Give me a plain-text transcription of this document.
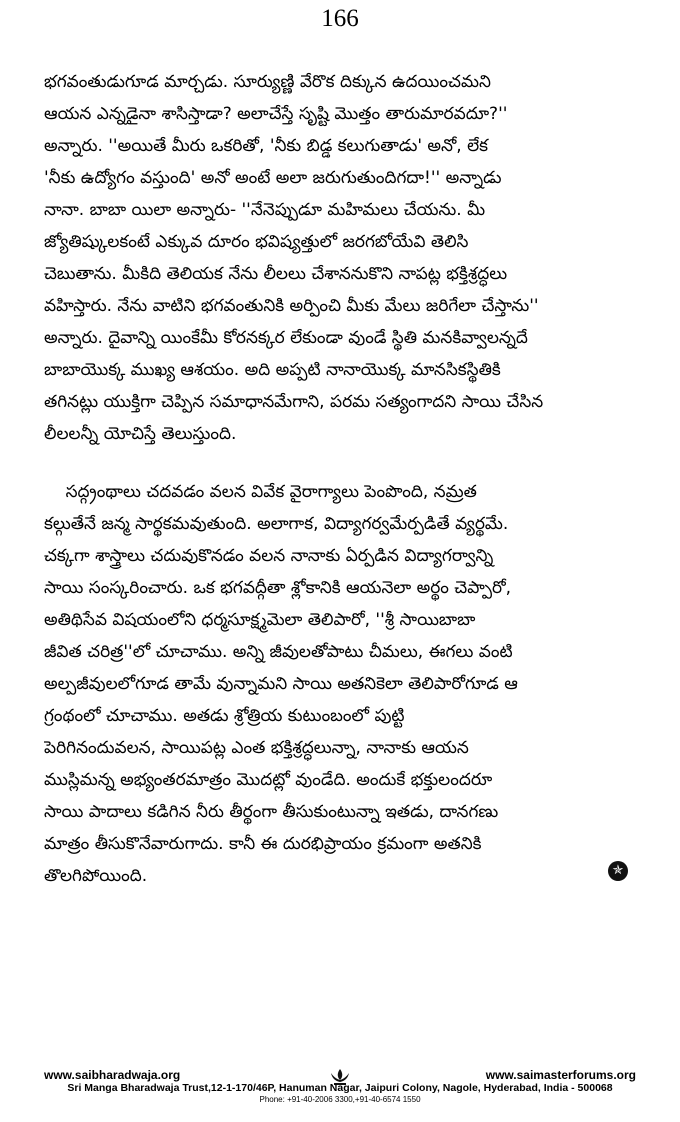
166
భగవంతుడుగూడ మార్చడు. సూర్యుణ్ణి వేరొక దిక్కున ఉదయించమని
ఆయన ఎన్నడైనా శాసిస్తాడా? అలాచేస్తే సృష్టి మొత్తం తారుమారవదూ?''
అన్నారు. ''అయితే మీరు ఒకరితో, 'నీకు బిడ్డ కలుగుతాడు' అనో, లేక
'నీకు ఉద్యోగం వస్తుంది' అనో అంటే అలా జరుగుతుందిగదా!'' అన్నాడు
నానా. బాబా యిలా అన్నారు- ''నేనెప్పుడూ మహిమలు చేయను. మీ
జ్యోతిష్కులకంటే ఎక్కువ దూరం భవిష్యత్తులో జరగబోయేవి తెలిసి
చెబుతాను. మీకిది తెలియక నేను లీలలు చేశాననుకొని నాపట్ల భక్తిశ్రద్ధలు
వహిస్తారు. నేను వాటిని భగవంతునికి అర్పించి మీకు మేలు జరిగేలా చేస్తాను''
అన్నారు. దైవాన్ని యింకేమీ కోరనక్కర లేకుండా వుండే స్థితి మనకివ్వాలన్నదే
బాబాయొక్క ముఖ్య ఆశయం. అది అప్పటి నానాయొక్క మానసికస్థితికి
తగినట్లు యుక్తిగా చెప్పిన సమాధానమేగాని, పరమ సత్యంగాదని సాయి చేసిన
లీలలన్నీ యోచిస్తే తెలుస్తుంది.
సద్గ్రంథాలు చదవడం వలన వివేక వైరాగ్యాలు పెంపొంది, నమ్రత
కల్గుతేనే జన్మ సార్థకమవుతుంది. అలాగాక, విద్యాగర్వమేర్పడితే వ్యర్థమే.
చక్కగా శాస్త్రాలు చదువుకొనడం వలన నానాకు ఏర్పడిన విద్యాగర్వాన్ని
సాయి సంస్కరించారు. ఒక భగవద్గీతా శ్లోకానికి ఆయనెలా అర్థం చెప్పారో,
అతిథిసేవ విషయంలోని ధర్మసూక్ష్మమెలా తెలిపారో, ''శ్రీ సాయిబాబా
జీవిత చరిత్ర''లో చూచాము. అన్ని జీవులతోపాటు చీమలు, ఈగలు వంటి
అల్పజీవులలోగూడ తామే వున్నామని సాయి అతనికెలా తెలిపారోగూడ ఆ
గ్రంథంలో చూచాము. అతడు శ్రోత్రియ కుటుంబంలో పుట్టి
పెరిగినందువలన, సాయిపట్ల ఎంత భక్తిశ్రద్ధలున్నా, నానాకు ఆయన
ముస్లిమన్న అభ్యంతరమాత్రం మొదట్లో వుండేది. అందుకే భక్తులందరూ
సాయి పాదాలు కడిగిన నీరు తీర్థంగా తీసుకుంటున్నా ఇతడు, దానగణు
మాత్రం తీసుకొనేవారుగాదు. కానీ ఈ దురభిప్రాయం క్రమంగా అతనికి
తొలగిపోయింది.	✯
www.saibharadwaja.org	www.saimasterforums.org
Sri Manga Bharadwaja Trust,12-1-170/46P, Hanuman Nagar, Jaipuri Colony, Nagole, Hyderabad, India - 500068
Phone: +91-40-2006 3300,+91-40-6574 1550
